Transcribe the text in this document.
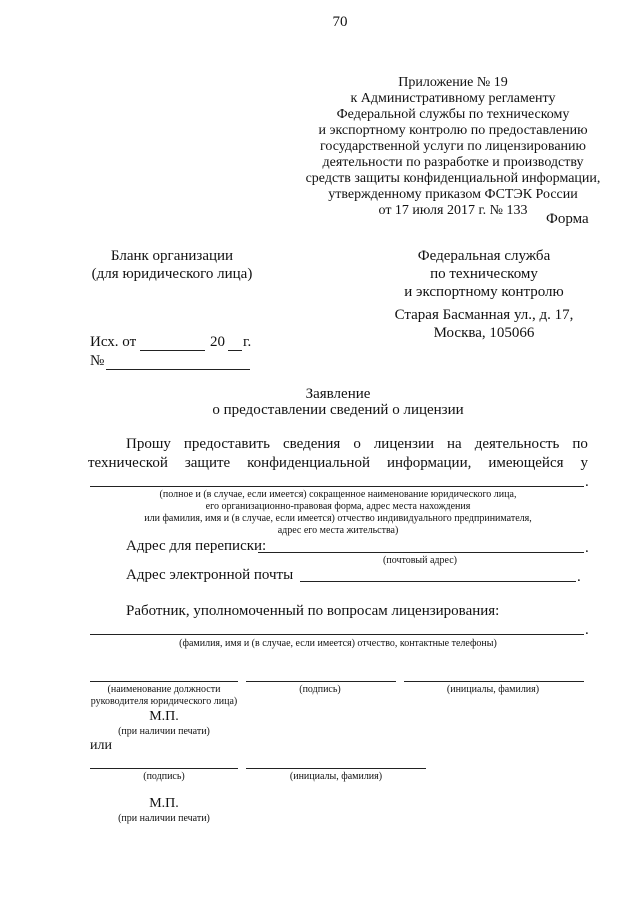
70

Приложение № 19

к Административному регламенту

Федеральной службы по техническому

и экспортному контролю по предоставлению

государственной услуги по лицензированию

деятельности по разработке и производству

средств защиты конфиденциальной информации,

утвержденному приказом ФСТЭК России

от 17 июля 2017 г. № 133

Форма
Бланк организации
(для юридического лица)
Федеральная служба
по техническому
и экспортному контролю
Старая Басманная ул., д. 17,
Москва, 105066
Исх. от	20 г.
№
Заявление
о предоставлении сведений о лицензии
Прошу предоставить сведения о лицензии на деятельность по
технической защите конфиденциальной информации, имеющейся у
.
(полное и (в случае, если имеется) сокращенное наименование юридического лица,
его организационно-правовая форма, адрес места нахождения
или фамилия, имя и (в случае, если имеется) отчество индивидуального предпринимателя,
адрес его места жительства)
Адрес для переписки:	.
(почтовый адрес)
Адрес электронной почты	.
Работник, уполномоченный по вопросам лицензирования:
.
(фамилия, имя и (в случае, если имеется) отчество, контактные телефоны)
(наименование должности
руководителя юридического лица)
(подпись)	(инициалы, фамилия)
М.П.
(при наличии печати)
или
(подпись)	(инициалы, фамилия)
М.П.
(при наличии печати)
